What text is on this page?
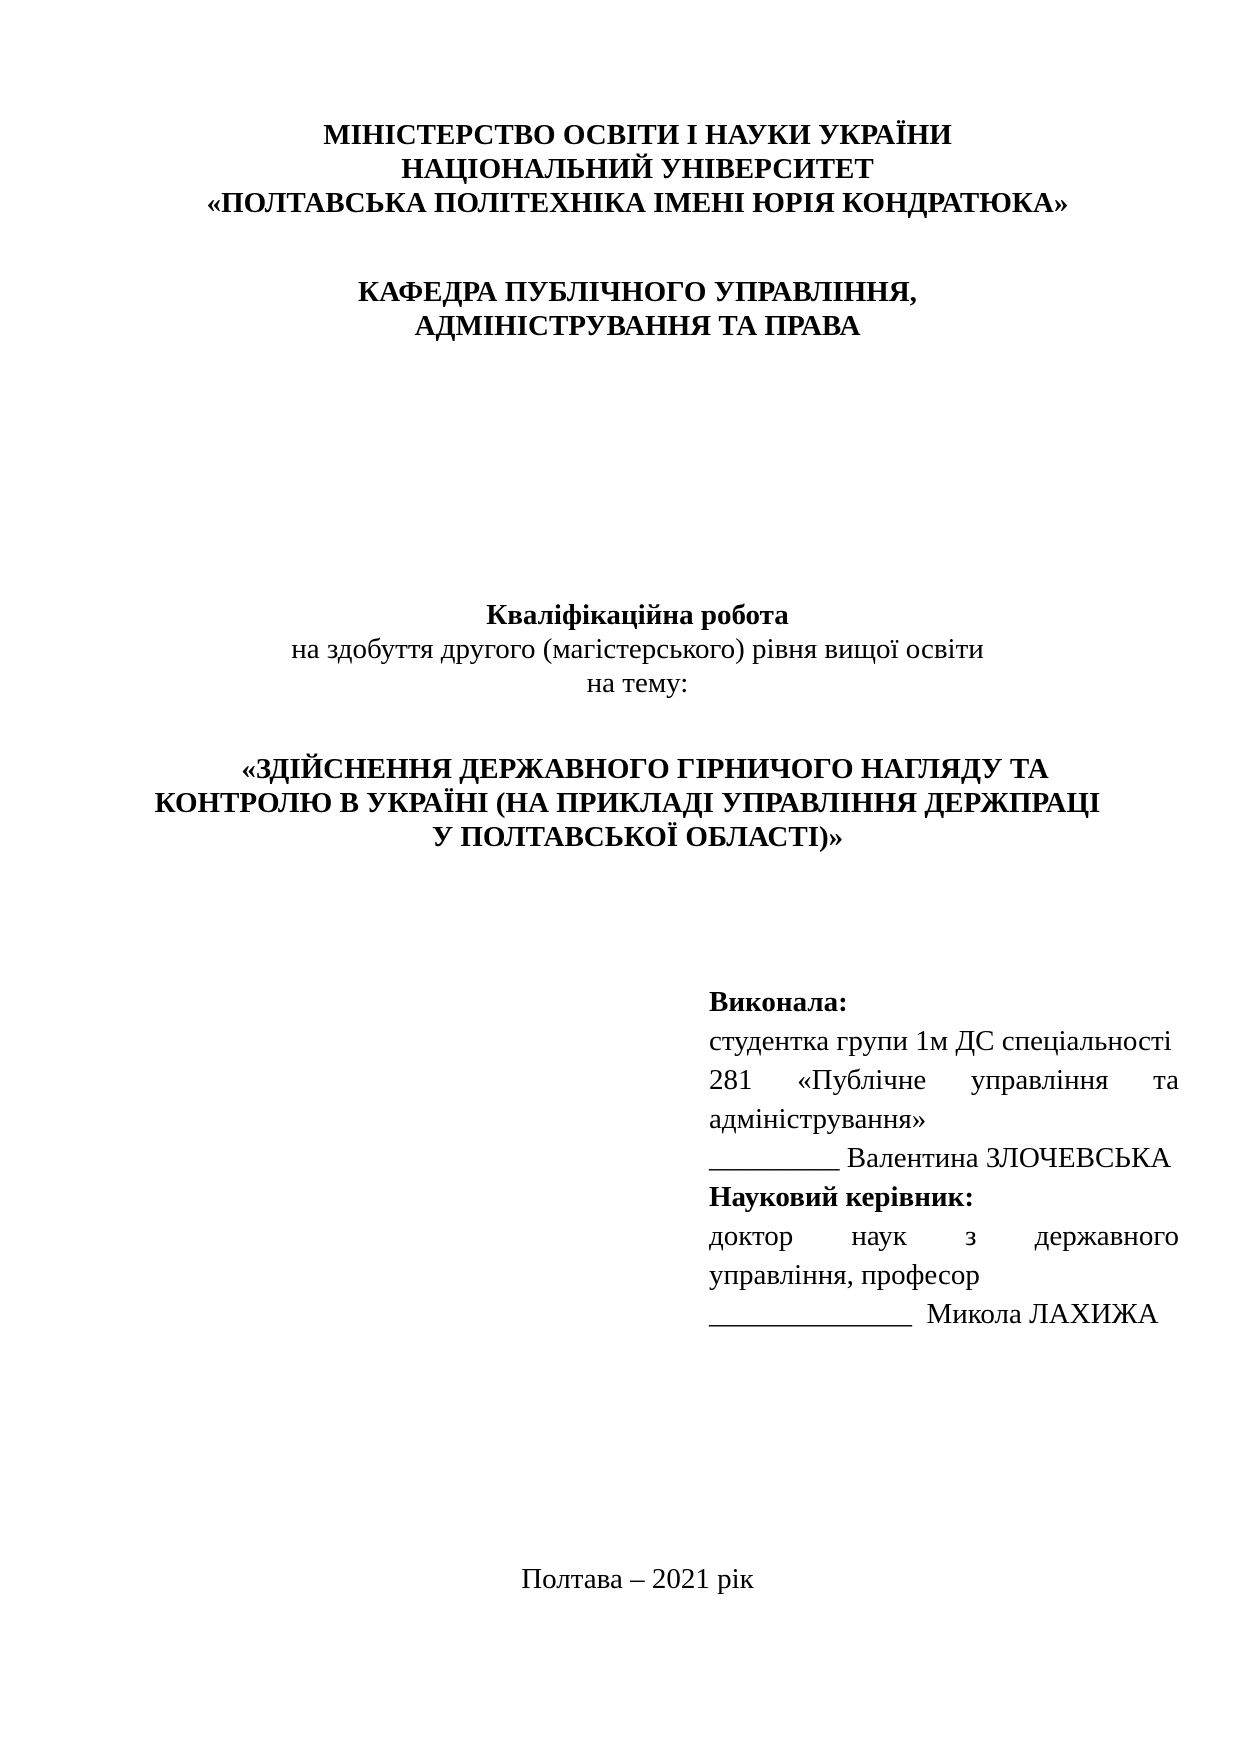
МІНІСТЕРСТВО ОСВІТИ І НАУКИ УКРАЇНИ
НАЦІОНАЛЬНИЙ УНІВЕРСИТЕТ
«ПОЛТАВСЬКА ПОЛІТЕХНІКА ІМЕНІ ЮРІЯ КОНДРАТЮКА»
КАФЕДРА ПУБЛІЧНОГО УПРАВЛІННЯ,
АДМІНІСТРУВАННЯ ТА ПРАВА
Кваліфікаційна робота
на здобуття другого (магістерського) рівня вищої освіти
на тему:
«ЗДІЙСНЕННЯ ДЕРЖАВНОГО ГІРНИЧОГО НАГЛЯДУ ТА
КОНТРОЛЮ В УКРАЇНІ (НА ПРИКЛАДІ УПРАВЛІННЯ ДЕРЖПРАЦІ
У ПОЛТАВСЬКОЇ ОБЛАСТІ)»
Виконала:
студентка групи 1м ДС спеціальності
281 «Публічне управління та
адміністрування»
_________ Валентина ЗЛОЧЕВСЬКА
Науковий керівник:
доктор наук з державного
управління, професор
______________ Микола ЛАХИЖА
Полтава – 2021 рік
